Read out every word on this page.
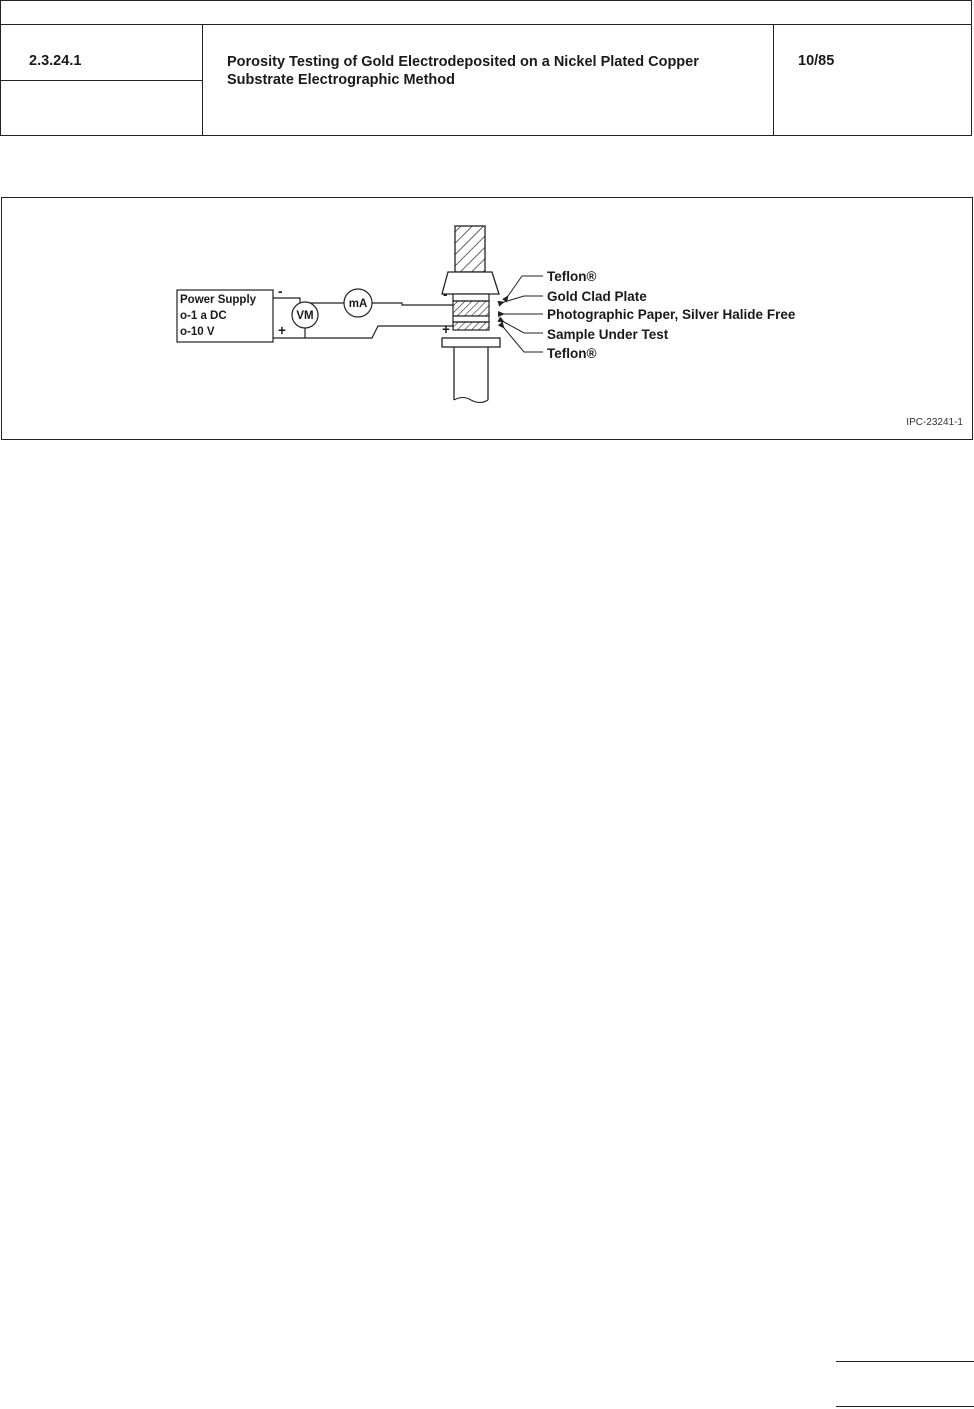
2.3.24.1	Porosity Testing of Gold Electrodeposited on a Nickel Plated Copper Substrate Electrographic Method
10/85
Power Supply
o-1 a DC
o-10 V
-
+	+
mA
VM
Teflon®
Gold Clad Plate
Photographic Paper, Silver Halide Free
Sample Under Test
Teflon®
IPC-23241-1
